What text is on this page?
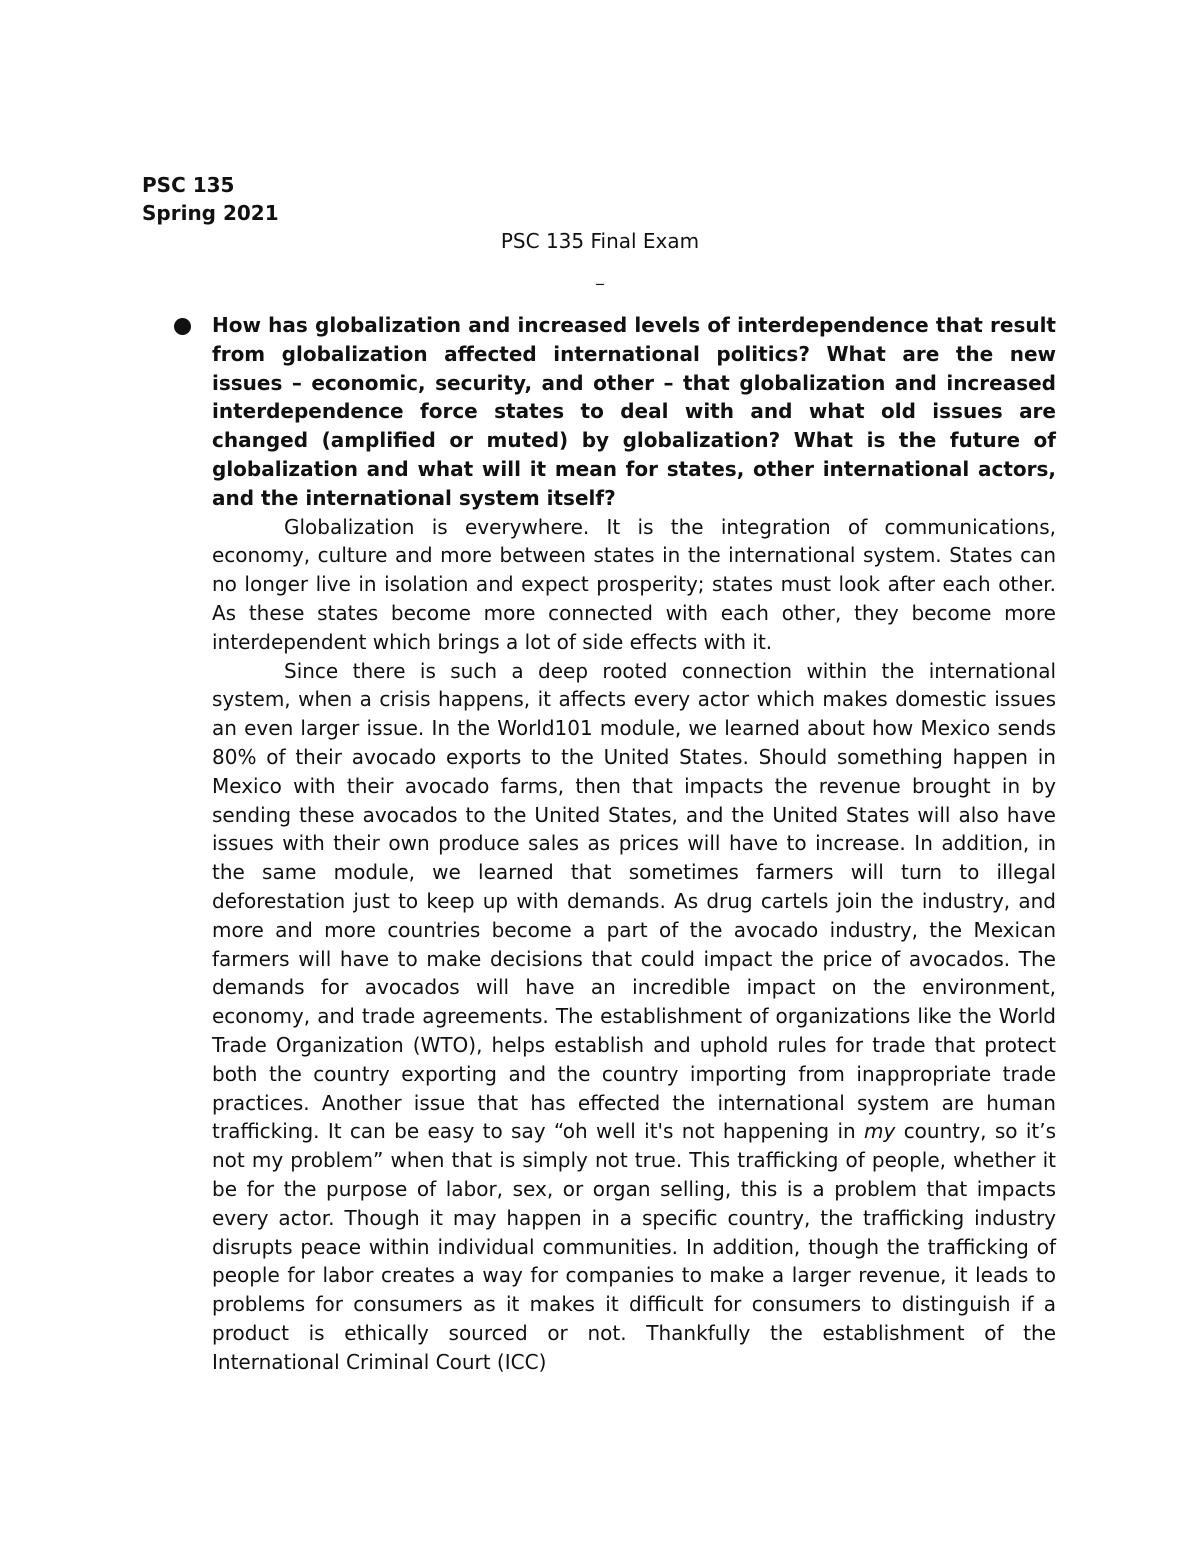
PSC 135
Spring 2021
PSC 135 Final Exam
_

How has globalization and increased levels of interdependence that result from globalization affected international politics? What are the new issues – economic, security, and other – that globalization and increased interdependence force states to deal with and what old issues are changed (amplified or muted) by globalization? What is the future of globalization and what will it mean for states, other international actors, and the international system itself?

Globalization is everywhere. It is the integration of communications, economy, culture and more between states in the international system. States can no longer live in isolation and expect prosperity; states must look after each other. As these states become more connected with each other, they become more interdependent which brings a lot of side effects with it.

Since there is such a deep rooted connection within the international system, when a crisis happens, it affects every actor which makes domestic issues an even larger issue. In the World101 module, we learned about how Mexico sends 80% of their avocado exports to the United States. Should something happen in Mexico with their avocado farms, then that impacts the revenue brought in by sending these avocados to the United States, and the United States will also have issues with their own produce sales as prices will have to increase. In addition, in the same module, we learned that sometimes farmers will turn to illegal deforestation just to keep up with demands. As drug cartels join the industry, and more and more countries become a part of the avocado industry, the Mexican farmers will have to make decisions that could impact the price of avocados. The demands for avocados will have an incredible impact on the environment, economy, and trade agreements. The establishment of organizations like the World Trade Organization (WTO), helps establish and uphold rules for trade that protect both the country exporting and the country importing from inappropriate trade practices. Another issue that has effected the international system are human trafficking. It can be easy to say “oh well it's not happening in my country, so it’s not my problem” when that is simply not true. This trafficking of people, whether it be for the purpose of labor, sex, or organ selling, this is a problem that impacts every actor. Though it may happen in a specific country, the trafficking industry disrupts peace within individual communities. In addition, though the trafficking of people for labor creates a way for companies to make a larger revenue, it leads to problems for consumers as it makes it difficult for consumers to distinguish if a product is ethically sourced or not. Thankfully the establishment of the International Criminal Court (ICC)
